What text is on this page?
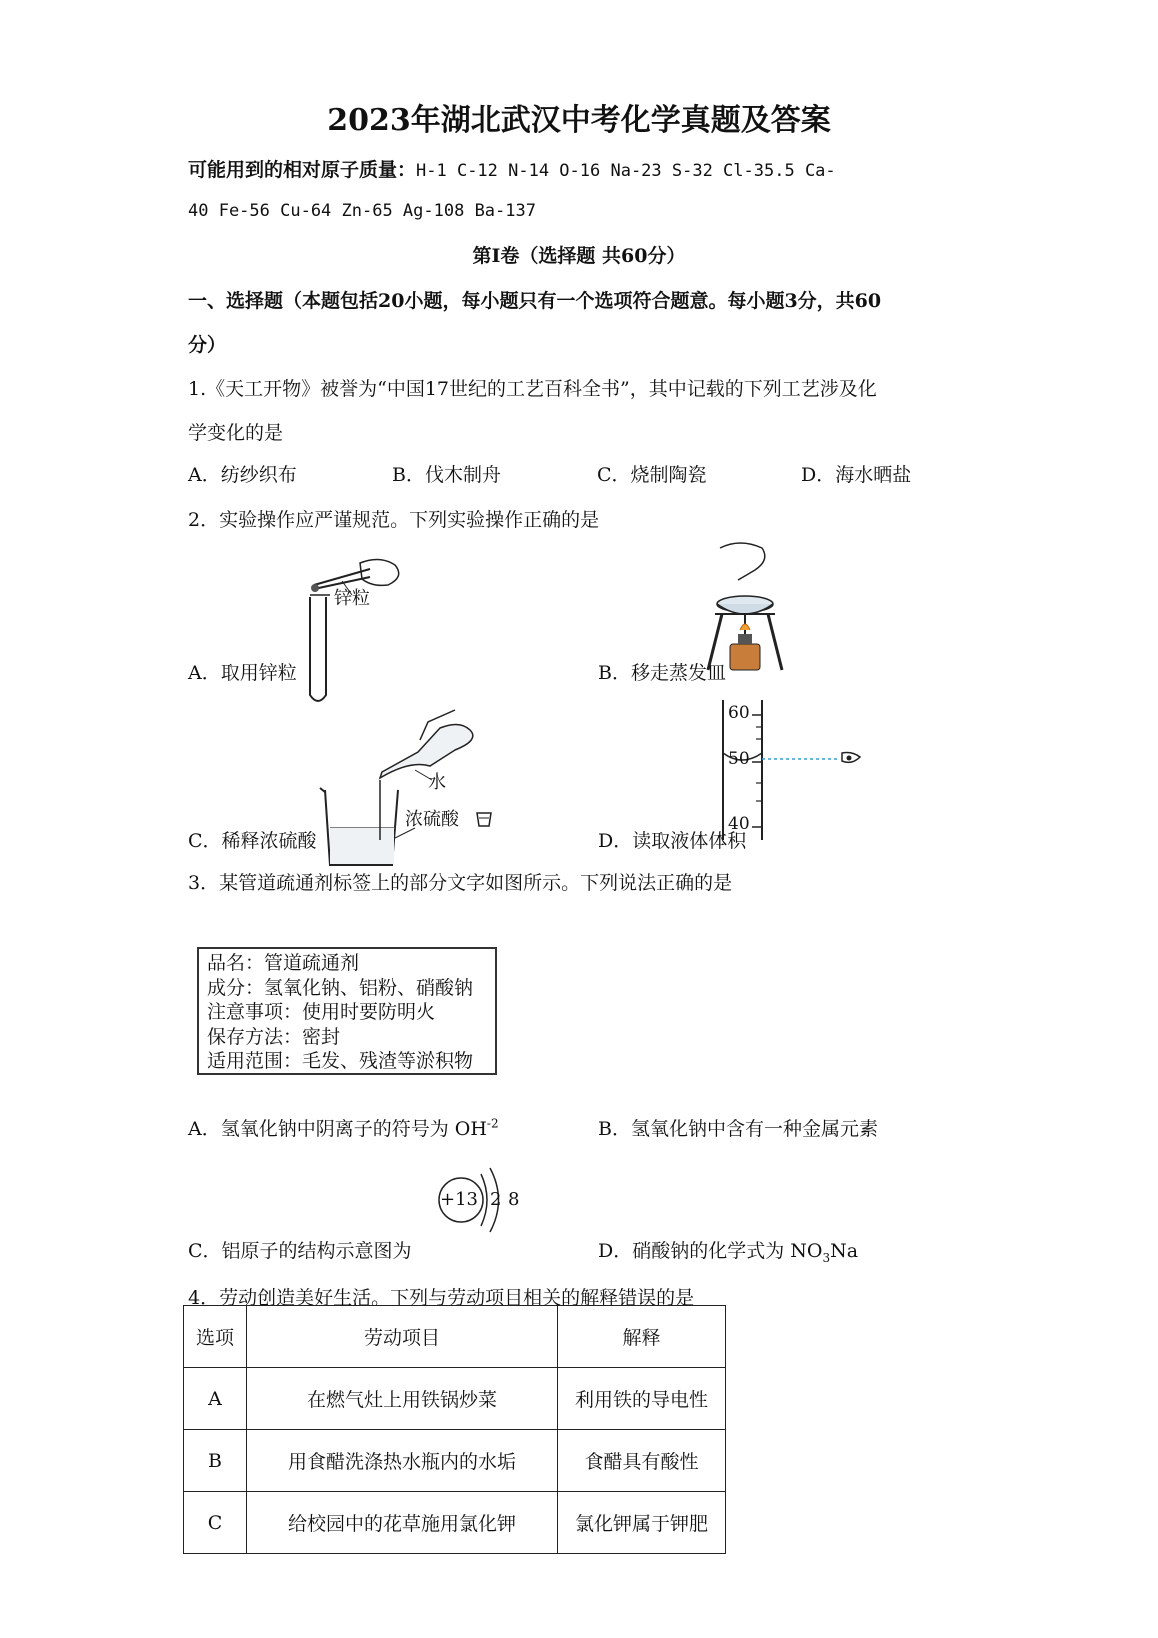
2023年湖北武汉中考化学真题及答案
可能用到的相对原子质量：H-1 C-12 N-14 O-16 Na-23 S-32 Cl-35.5 Ca-
40 Fe-56 Cu-64 Zn-65 Ag-108 Ba-137
第Ⅰ卷（选择题 共60分）
一、选择题（本题包括20小题，每小题只有一个选项符合题意。每小题3分，共60
分）
1.《天工开物》被誉为“中国17世纪的工艺百科全书”，其中记载的下列工艺涉及化
学变化的是
A．纺纱织布	B．伐木制舟	C．烧制陶瓷	D．海水晒盐
2．实验操作应严谨规范。下列实验操作正确的是
锌粒
A．取用锌粒	B．移走蒸发皿
水
浓硫酸
60
50
40
C．稀释浓硫酸	D．读取液体体积
3．某管道疏通剂标签上的部分文字如图所示。下列说法正确的是
品名：管道疏通剂
成分：氢氧化钠、铝粉、硝酸钠
注意事项：使用时要防明火
保存方法：密封
适用范围：毛发、残渣等淤积物
A．氢氧化钠中阴离子的符号为 $OH^{-2}$	B．氢氧化钠中含有一种金属元素
+13 2 8
C．铝原子的结构示意图为	D．硝酸钠的化学式为 $NO_3Na$
4．劳动创造美好生活。下列与劳动项目相关的解释错误的是
选项	劳动项目	解释
A	在燃气灶上用铁锅炒菜	利用铁的导电性
B	用食醋洗涤热水瓶内的水垢	食醋具有酸性
C	给校园中的花草施用氯化钾	氯化钾属于钾肥
